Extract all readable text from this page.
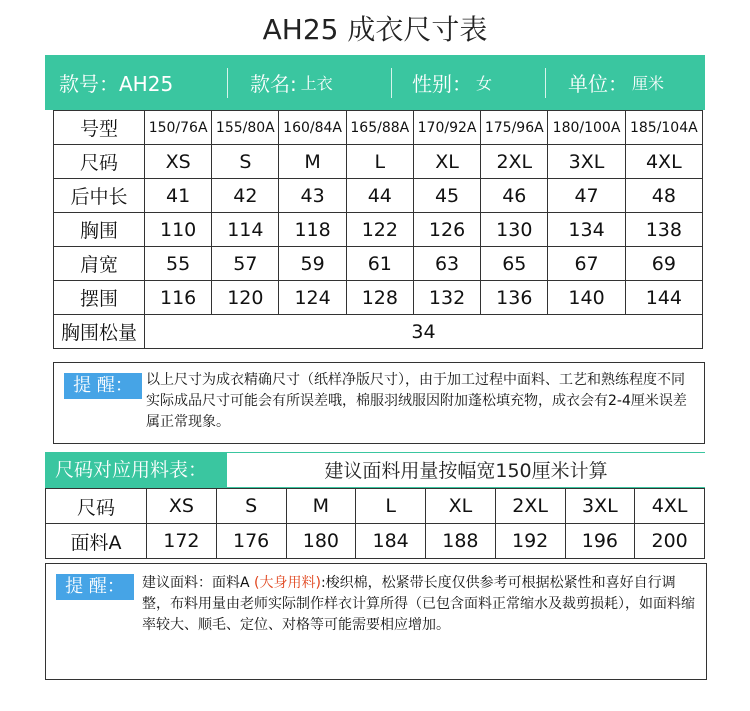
AH25 成衣尺寸表
款号：AH25	款名: 上衣	性别： 女	单位： 厘米
号型	150/76A	155/80A	160/84A	165/88A	170/92A	175/96A	180/100A	185/104A
尺码	XS	S	M	L	XL	2XL	3XL	4XL
后中长	41	42	43	44	45	46	47	48
胸围	110	114	118	122	126	130	134	138
肩宽	55	57	59	61	63	65	67	69
摆围	116	120	124	128	132	136	140	144
胸围松量	34							
提 醒： 以上尺寸为成衣精确尺寸（纸样净版尺寸），由于加工过程中面料、工艺和熟练程度不同实际成品尺寸可能会有所误差哦，棉服羽绒服因附加蓬松填充物，成衣会有2-4厘米误差属正常现象。
尺码对应用料表：	建议面料用量按幅宽150厘米计算
尺码	XS	S	M	L	XL	2XL	3XL	4XL
面料A	172	176	180	184	188	192	196	200
提 醒：	建议面料：面料A (大身用料):梭织棉，松紧带长度仅供参考可根据松紧性和喜好自行调整，布料用量由老师实际制作样衣计算所得（已包含面料正常缩水及裁剪损耗），如面料缩率较大、顺毛、定位、对格等可能需要相应增加。
